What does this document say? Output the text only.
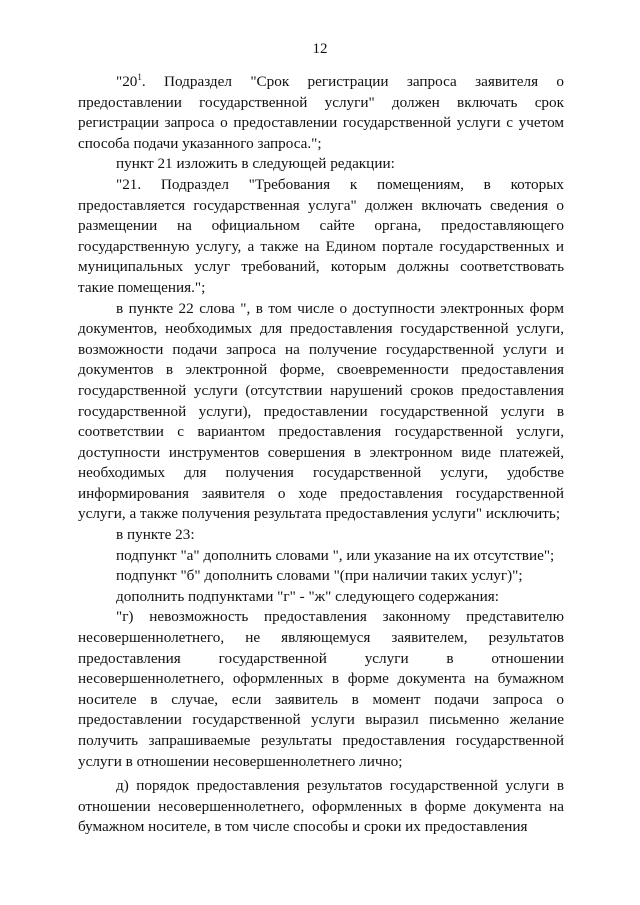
12

"$20^1$. Подраздел "Срок регистрации запроса заявителя о предоставлении государственной услуги" должен включать срок регистрации запроса о предоставлении государственной услуги с учетом способа подачи указанного запроса.";

пункт 21 изложить в следующей редакции:

"21. Подраздел "Требования к помещениям, в которых предоставляется государственная услуга" должен включать сведения о размещении на официальном сайте органа, предоставляющего государственную услугу, а также на Едином портале государственных и муниципальных услуг требований, которым должны соответствовать такие помещения.";

в пункте 22 слова ", в том числе о доступности электронных форм документов, необходимых для предоставления государственной услуги, возможности подачи запроса на получение государственной услуги и документов в электронной форме, своевременности предоставления государственной услуги (отсутствии нарушений сроков предоставления государственной услуги), предоставлении государственной услуги в соответствии с вариантом предоставления государственной услуги, доступности инструментов совершения в электронном виде платежей, необходимых для получения государственной услуги, удобстве информирования заявителя о ходе предоставления государственной услуги, а также получения результата предоставления услуги" исключить;

в пункте 23:

подпункт "а" дополнить словами ", или указание на их отсутствие";

подпункт "б" дополнить словами "(при наличии таких услуг)";

дополнить подпунктами "г" - "ж" следующего содержания:

"г) невозможность предоставления законному представителю несовершеннолетнего, не являющемуся заявителем, результатов предоставления государственной услуги в отношении несовершеннолетнего, оформленных в форме документа на бумажном носителе в случае, если заявитель в момент подачи запроса о предоставлении государственной услуги выразил письменно желание получить запрашиваемые результаты предоставления государственной услуги в отношении несовершеннолетнего лично;

д) порядок предоставления результатов государственной услуги в отношении несовершеннолетнего, оформленных в форме документа на бумажном носителе, в том числе способы и сроки их предоставления
